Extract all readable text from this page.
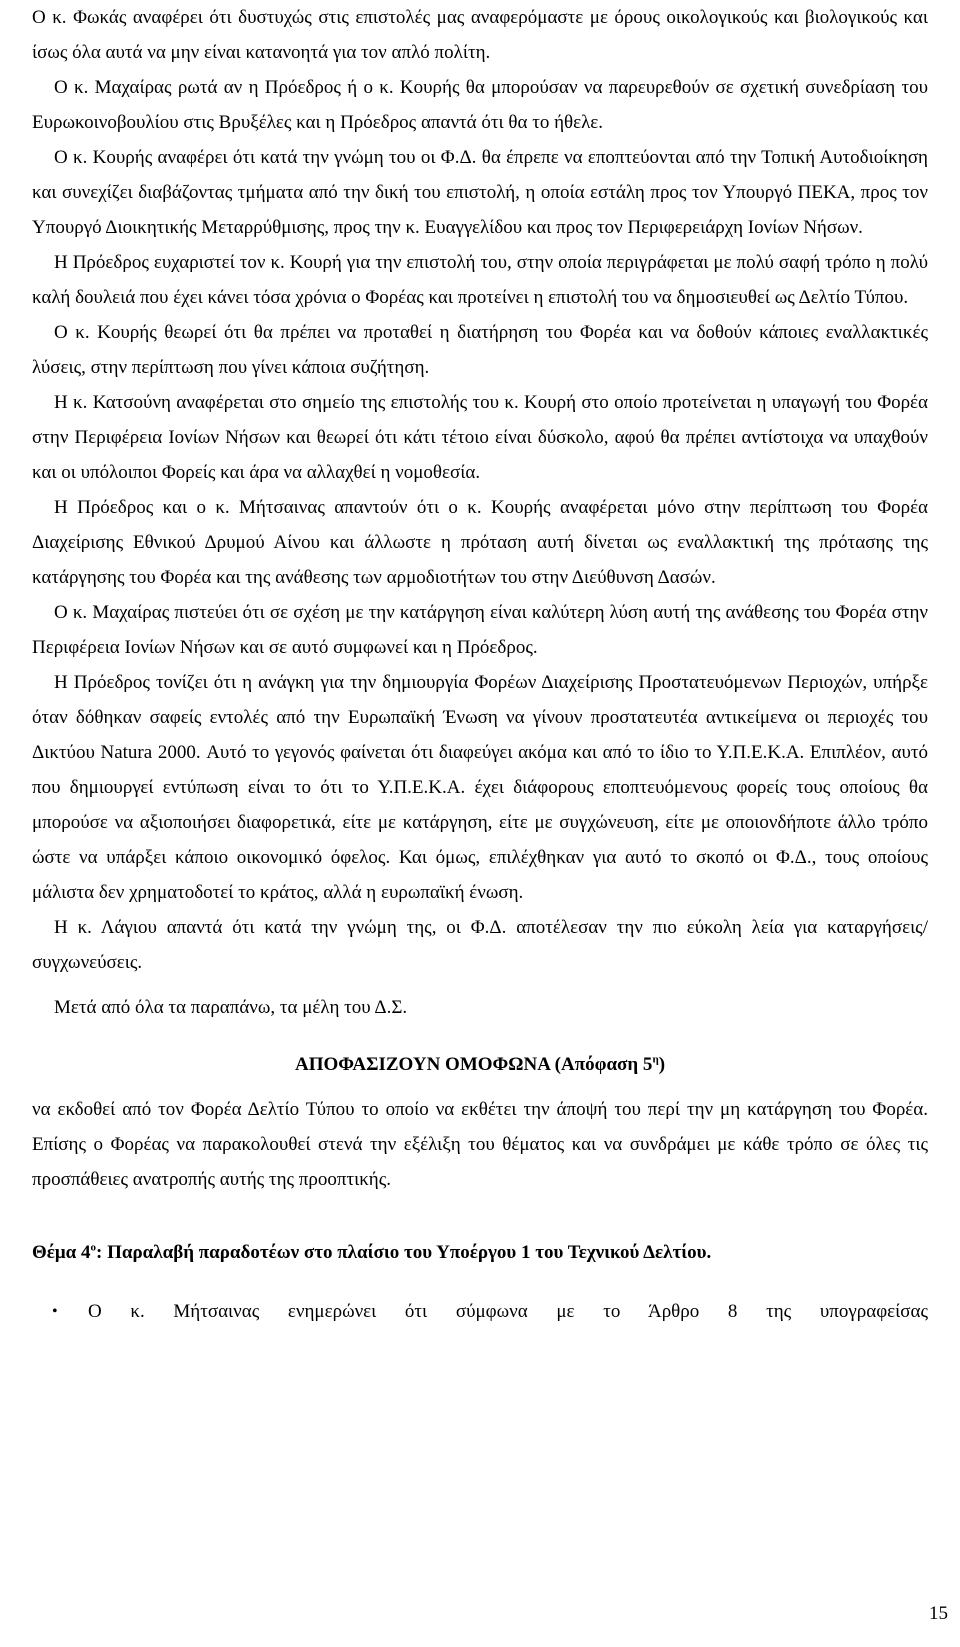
Ο κ. Φωκάς αναφέρει ότι δυστυχώς στις επιστολές μας αναφερόμαστε με όρους οικολογικούς και βιολογικούς και ίσως όλα αυτά να μην είναι κατανοητά για τον απλό πολίτη.

Ο κ. Μαχαίρας ρωτά αν η Πρόεδρος ή ο κ. Κουρής θα μπορούσαν να παρευρεθούν σε σχετική συνεδρίαση του Ευρωκοινοβουλίου στις Βρυξέλες και η Πρόεδρος απαντά ότι θα το ήθελε.

Ο κ. Κουρής αναφέρει ότι κατά την γνώμη του οι Φ.Δ. θα έπρεπε να εποπτεύονται από την Τοπική Αυτοδιοίκηση και συνεχίζει διαβάζοντας τμήματα από την δική του επιστολή, η οποία εστάλη προς τον Υπουργό ΠΕΚΑ, προς τον Υπουργό Διοικητικής Μεταρρύθμισης, προς την κ. Ευαγγελίδου και προς τον Περιφερειάρχη Ιονίων Νήσων.

Η Πρόεδρος ευχαριστεί τον κ. Κουρή για την επιστολή του, στην οποία περιγράφεται με πολύ σαφή τρόπο η πολύ καλή δουλειά που έχει κάνει τόσα χρόνια ο Φορέας και προτείνει η επιστολή του να δημοσιευθεί ως Δελτίο Τύπου.

Ο κ. Κουρής θεωρεί ότι θα πρέπει να προταθεί η διατήρηση του Φορέα και να δοθούν κάποιες εναλλακτικές λύσεις, στην περίπτωση που γίνει κάποια συζήτηση.

Η κ. Κατσούνη αναφέρεται στο σημείο της επιστολής του κ. Κουρή στο οποίο προτείνεται η υπαγωγή του Φορέα στην Περιφέρεια Ιονίων Νήσων και θεωρεί ότι κάτι τέτοιο είναι δύσκολο, αφού θα πρέπει αντίστοιχα να υπαχθούν και οι υπόλοιποι Φορείς και άρα να αλλαχθεί η νομοθεσία.

Η Πρόεδρος και ο κ. Μήτσαινας απαντούν ότι ο κ. Κουρής αναφέρεται μόνο στην περίπτωση του Φορέα Διαχείρισης Εθνικού Δρυμού Αίνου και άλλωστε η πρόταση αυτή δίνεται ως εναλλακτική της πρότασης της κατάργησης του Φορέα και της ανάθεσης των αρμοδιοτήτων του στην Διεύθυνση Δασών.

Ο κ. Μαχαίρας πιστεύει ότι σε σχέση με την κατάργηση είναι καλύτερη λύση αυτή της ανάθεσης του Φορέα στην Περιφέρεια Ιονίων Νήσων και σε αυτό συμφωνεί και η Πρόεδρος.

Η Πρόεδρος τονίζει ότι η ανάγκη για την δημιουργία Φορέων Διαχείρισης Προστατευόμενων Περιοχών, υπήρξε όταν δόθηκαν σαφείς εντολές από την Ευρωπαϊκή Ένωση να γίνουν προστατευτέα αντικείμενα οι περιοχές του Δικτύου Natura 2000. Αυτό το γεγονός φαίνεται ότι διαφεύγει ακόμα και από το ίδιο το Υ.Π.Ε.Κ.Α. Επιπλέον, αυτό που δημιουργεί εντύπωση είναι το ότι το Υ.Π.Ε.Κ.Α. έχει διάφορους εποπτευόμενους φορείς τους οποίους θα μπορούσε να αξιοποιήσει διαφορετικά, είτε με κατάργηση, είτε με συγχώνευση, είτε με οποιονδήποτε άλλο τρόπο ώστε να υπάρξει κάποιο οικονομικό όφελος. Και όμως, επιλέχθηκαν για αυτό το σκοπό οι Φ.Δ., τους οποίους μάλιστα δεν χρηματοδοτεί το κράτος, αλλά η ευρωπαϊκή ένωση.

Η κ. Λάγιου απαντά ότι κατά την γνώμη της, οι Φ.Δ. αποτέλεσαν την πιο εύκολη λεία για καταργήσεις/συγχωνεύσεις.

Μετά από όλα τα παραπάνω, τα μέλη του Δ.Σ.

ΑΠΟΦΑΣΙΖΟΥΝ ΟΜΟΦΩΝΑ (Απόφαση $5^\eta$)

να εκδοθεί από τον Φορέα Δελτίο Τύπου το οποίο να εκθέτει την άποψή του περί την μη κατάργηση του Φορέα. Επίσης ο Φορέας να παρακολουθεί στενά την εξέλιξη του θέματος και να συνδράμει με κάθε τρόπο σε όλες τις προσπάθειες ανατροπής αυτής της προοπτικής.

Θέμα $4^o$: Παραλαβή παραδοτέων στο πλαίσιο του Υποέργου 1 του Τεχνικού Δελτίου.

•	Ο κ. Μήτσαινας ενημερώνει ότι σύμφωνα με το Άρθρο 8 της υπογραφείσας
15
